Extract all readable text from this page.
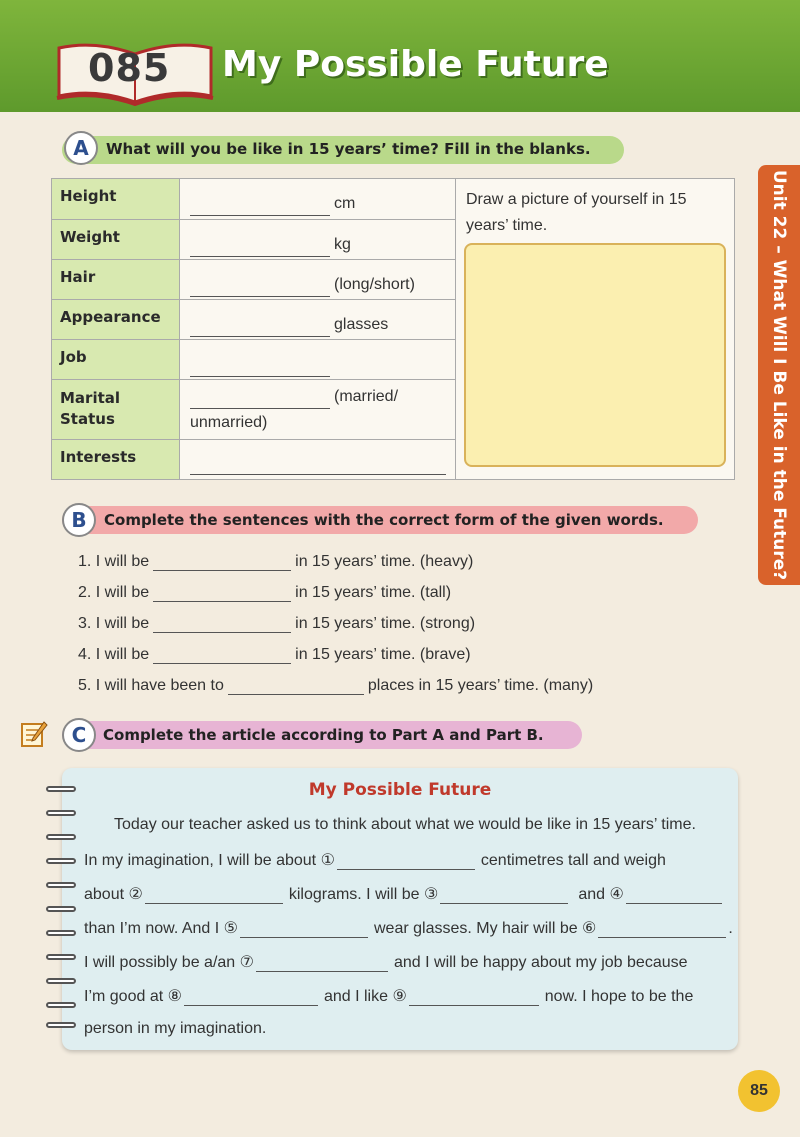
085 My Possible Future
Unit 22 – What Will I Be Like in the Future?
A	What will you be like in 15 years’ time? Fill in the blanks.
Height	cm

Weight	kg

Hair	(long/short)

Appearance	glasses

Job	

Marital Status	(married/
unmarried)

Interests	
Draw a picture of yourself in 15 years’ time.
B	Complete the sentences with the correct form of the given words.
1. I will be	in 15 years’ time. (heavy)
2. I will be	in 15 years’ time. (tall)
3. I will be	in 15 years’ time. (strong)
4. I will be	in 15 years’ time. (brave)
5. I will have been to	places in 15 years’ time. (many)
C	Complete the article according to Part A and Part B.
My Possible Future
Today our teacher asked us to think about what we would be like in 15 years’ time.
In my imagination, I will be about ①	centimetres tall and weigh
about ②	kilograms. I will be ③	and ④
than I’m now. And I ⑤	wear glasses. My hair will be ⑥	.
I will possibly be a/an ⑦	and I will be happy about my job because
I’m good at ⑧	and I like ⑨	now. I hope to be the
person in my imagination.
85
